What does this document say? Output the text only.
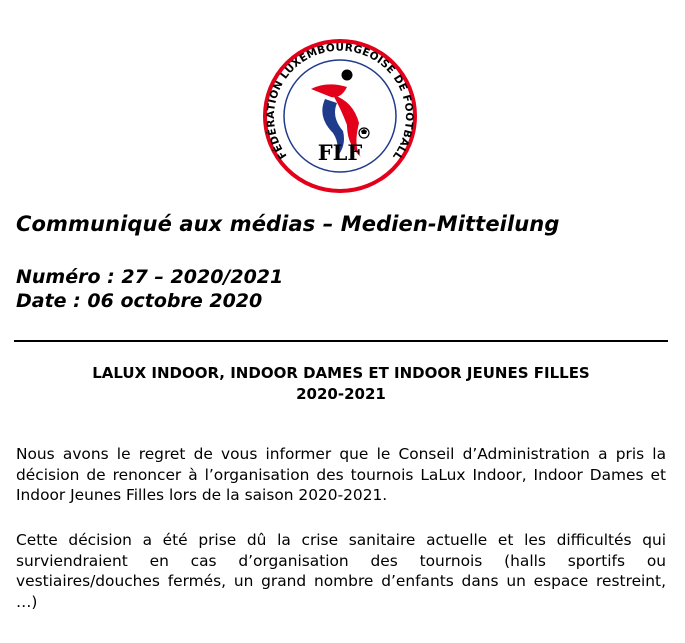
FÉDÉRATION LUXEMBOURGEOISE DE FOOTBALL
FLF
Communiqué aux médias – Medien-Mitteilung
Numéro : 27 – 2020/2021
Date : 06 octobre 2020

LALUX INDOOR, INDOOR DAMES ET INDOOR JEUNES FILLES

2020-2021

Nous avons le regret de vous informer que le Conseil d’Administration a pris la décision de renoncer à l’organisation des tournois LaLux Indoor, Indoor Dames et Indoor Jeunes Filles lors de la saison 2020-2021.

Cette décision a été prise dû la crise sanitaire actuelle et les difficultés qui surviendraient en cas d’organisation des tournois (halls sportifs ou vestiaires/douches fermés, un grand nombre d’enfants dans un espace restreint, …)
